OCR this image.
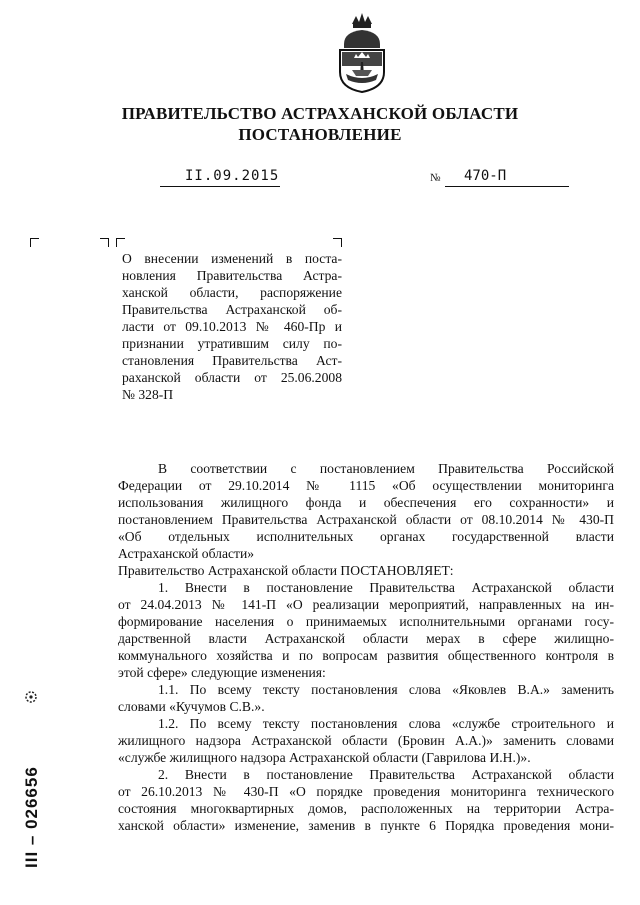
ПРАВИТЕЛЬСТВО АСТРАХАНСКОЙ ОБЛАСТИ
ПОСТАНОВЛЕНИЕ
II.09.2015	№ 470-П
О внесении изменений в поста-
новления Правительства Астра-
ханской области, распоряжение
Правительства Астраханской об-
ласти от 09.10.2013 № 460-Пр и
признании утратившим силу по-
становления Правительства Аст-
раханской области от 25.06.2008
№ 328-П
В соответствии с постановлением Правительства Российской
Федерации от 29.10.2014 № 1115 «Об осуществлении мониторинга
использования жилищного фонда и обеспечения его сохранности» и
постановлением Правительства Астраханской области от 08.10.2014 № 430-П
«Об отдельных исполнительных органах государственной власти
Астраханской области»
Правительство Астраханской области ПОСТАНОВЛЯЕТ:
1. Внести в постановление Правительства Астраханской области
от 24.04.2013 № 141-П «О реализации мероприятий, направленных на ин-
формирование населения о принимаемых исполнительными органами госу-
дарственной власти Астраханской области мерах в сфере жилищно-
коммунального хозяйства и по вопросам развития общественного контроля в
этой сфере» следующие изменения:
1.1. По всему тексту постановления слова «Яковлев В.А.» заменить
словами «Кучумов С.В.».
1.2. По всему тексту постановления слова «службе строительного и
жилищного надзора Астраханской области (Бровин А.А.)» заменить словами
«службе жилищного надзора Астраханской области (Гаврилова И.Н.)».
2. Внести в постановление Правительства Астраханской области
от 26.10.2013 № 430-П «О порядке проведения мониторинга технического
состояния многоквартирных домов, расположенных на территории Астра-
ханской области» изменение, заменив в пункте 6 Порядка проведения мони-
III – 026656
